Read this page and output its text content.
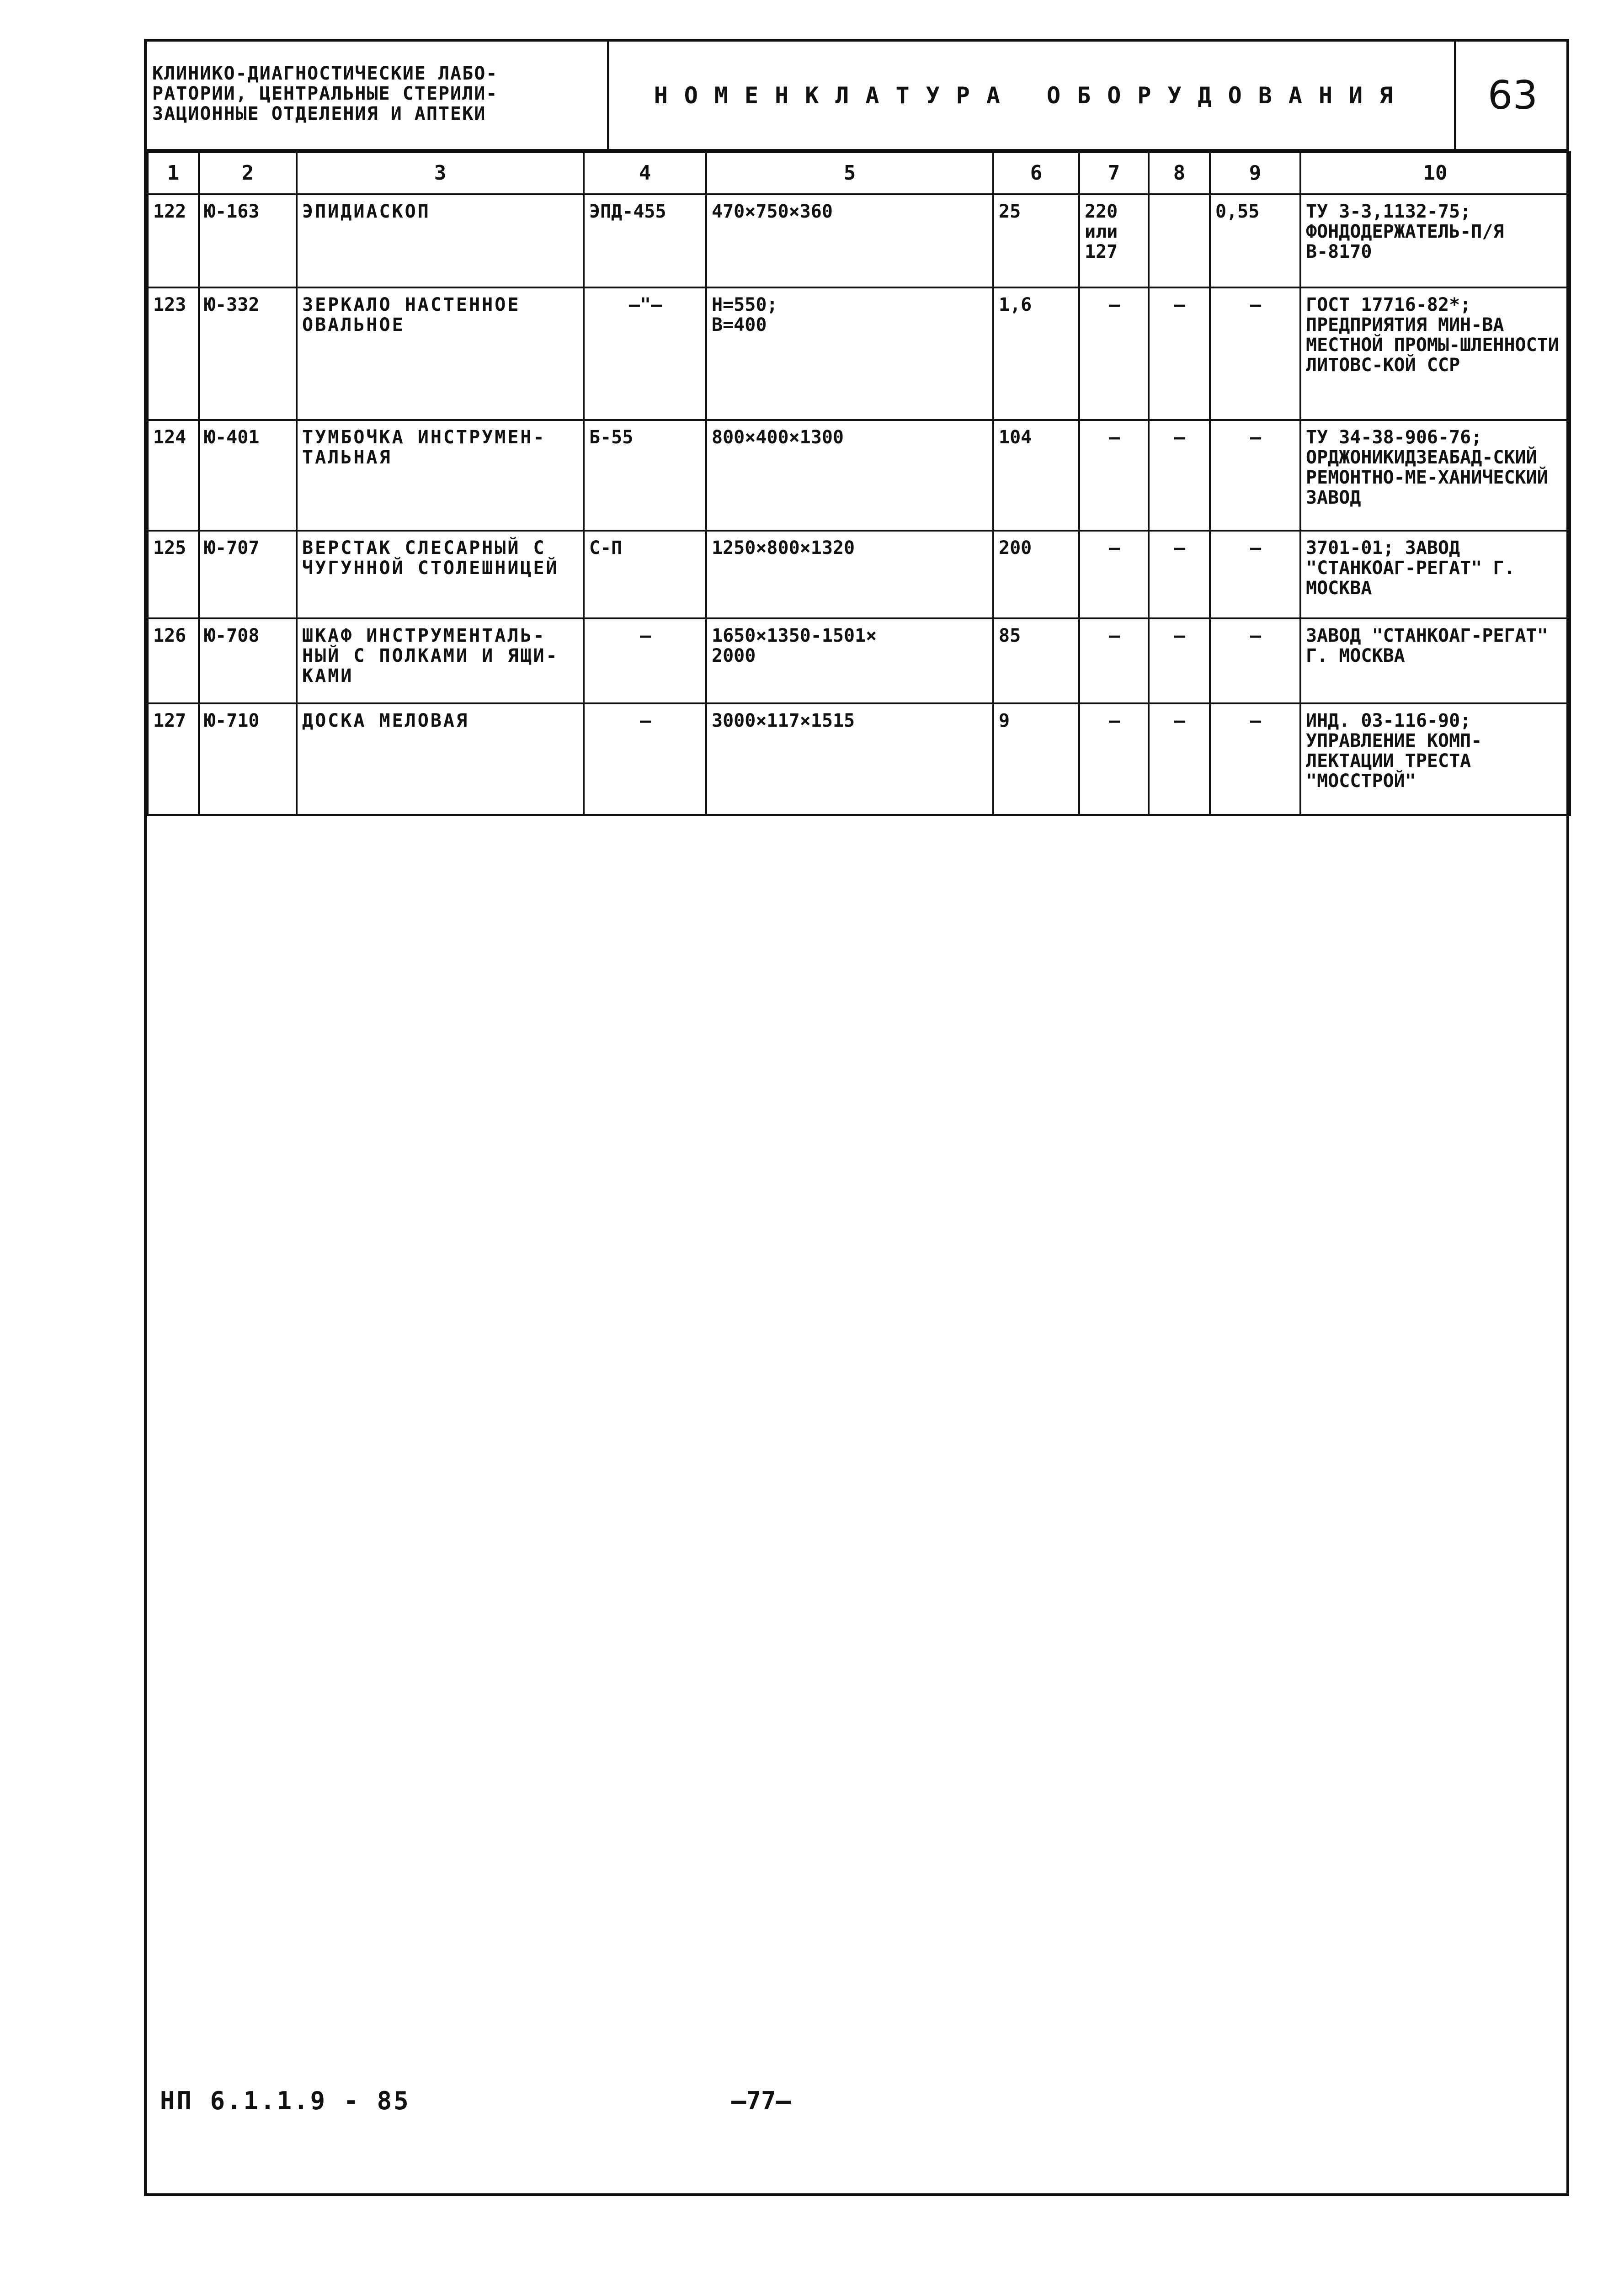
КЛИНИКО-ДИАГНОСТИЧЕСКИЕ ЛАБО-
РАТОРИИ, ЦЕНТРАЛЬНЫЕ СТЕРИЛИ-
ЗАЦИОННЫЕ ОТДЕЛЕНИЯ И АПТЕКИ
НОМЕНКЛАТУРА ОБОРУДОВАНИЯ	63
1	2	3	4	5	6	7	8	9	10
122	Ю-163	ЭПИДИАСКОП	ЭПД-455	470×750×360	25	220
или
127		0,55	ТУ 3-3,1132-75; ФОНДОДЕРЖАТЕЛЬ-П/Я В-8170
123	Ю-332	ЗЕРКАЛО НАСТЕННОЕ ОВАЛЬНОЕ	—"—	Н=550;
В=400	1,6	—	—	—	ГОСТ 17716-82*; ПРЕДПРИЯТИЯ МИН-ВА МЕСТНОЙ ПРОМЫ-ШЛЕННОСТИ ЛИТОВС-КОЙ ССР
124	Ю-401	ТУМБОЧКА ИНСТРУМЕН-ТАЛЬНАЯ	Б-55	800×400×1300	104	—	—	—	ТУ 34-38-906-76; ОРДЖОНИКИДЗЕАБАД-СКИЙ РЕМОНТНО-МЕ-ХАНИЧЕСКИЙ ЗАВОД
125	Ю-707	ВЕРСТАК СЛЕСАРНЫЙ С ЧУГУННОЙ СТОЛЕШНИЦЕЙ	С-П	1250×800×1320	200	—	—	—	3701-01; ЗАВОД "СТАНКОАГ-РЕГАТ" Г. МОСКВА
126	Ю-708	ШКАФ ИНСТРУМЕНТАЛЬ-НЫЙ С ПОЛКАМИ И ЯЩИ-КАМИ	—	1650×1350-1501×
2000	85	—	—	—	ЗАВОД "СТАНКОАГ-РЕГАТ" Г. МОСКВА
127	Ю-710	ДОСКА МЕЛОВАЯ	—	3000×117×1515	9	—	—	—	ИНД. 03-116-90; УПРАВЛЕНИЕ КОМП-ЛЕКТАЦИИ ТРЕСТА "МОССТРОЙ"
НП 6.1.1.9 - 85	—77—
